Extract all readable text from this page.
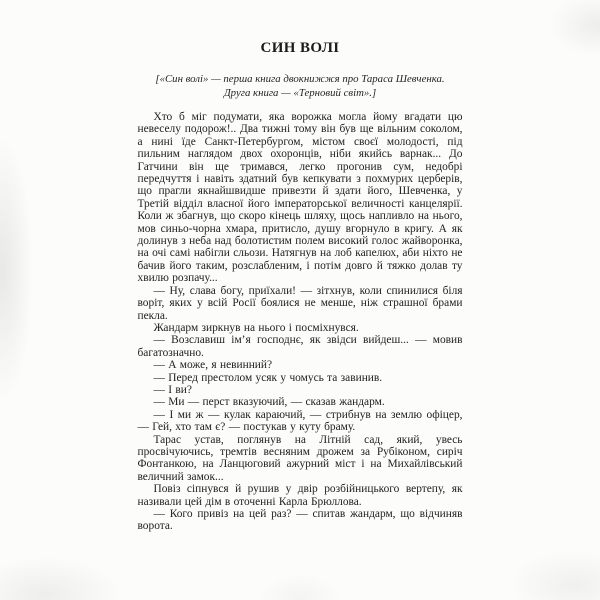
СИН ВОЛІ
[«Син волі» — перша книга двокнижжя про Тараса Шевченка.
Друга книга — «Терновий світ».]

Хто б міг подумати, яка ворожка могла йому вгадати цю невеселу подорож!.. Два тижні тому він був ще вільним соколом, а нині їде Санкт-Петербургом, містом своєї молодості, під пильним наглядом двох охоронців, ніби якийсь варнак... До Гатчини він ще тримався, легко прогонив сум, недобрі передчуття і навіть здатний був кепкувати з похмурих церберів, що прагли якнайшвидше привезти й здати його, Шевченка, у Третій відділ власної його імператорської величності канцелярії. Коли ж збагнув, що скоро кінець шляху, щось напливло на нього, мов синьо-чорна хмара, притисло, душу вгорнуло в кригу. А як долинув з неба над болотистим полем високий голос жайворонка, на очі самі набігли сльози. Натягнув на лоб капелюх, аби ніхто не бачив його таким, розслабленим, і потім довго й тяжко долав ту хвилю розпачу...

— Ну, слава богу, приїхали! — зітхнув, коли спинилися біля воріт, яких у всій Росії боялися не менше, ніж страшної брами пекла.

Жандарм зиркнув на нього і посміхнувся.

— Возславиш ім’я господнє, як звідси вийдеш... — мовив багатозначно.

— А може, я невинний?

— Перед престолом усяк у чомусь та завинив.

— І ви?

— Ми — перст вказуючий, — сказав жандарм.

— І ми ж — кулак караючий, — стрибнув на землю офіцер, — Гей, хто там є? — постукав у куту браму.

Тарас устав, поглянув на Літній сад, який, увесь просвічуючись, тремтів весняним дрожем за Рубіконом, сиріч Фонтанкою, на Ланцюговий ажурний міст і на Михайлівський величний замок...

Повіз сіпнувся й рушив у двір розбійницького вертепу, як називали цей дім в оточенні Карла Брюллова.

— Кого привіз на цей раз? — спитав жандарм, що відчиняв ворота.
